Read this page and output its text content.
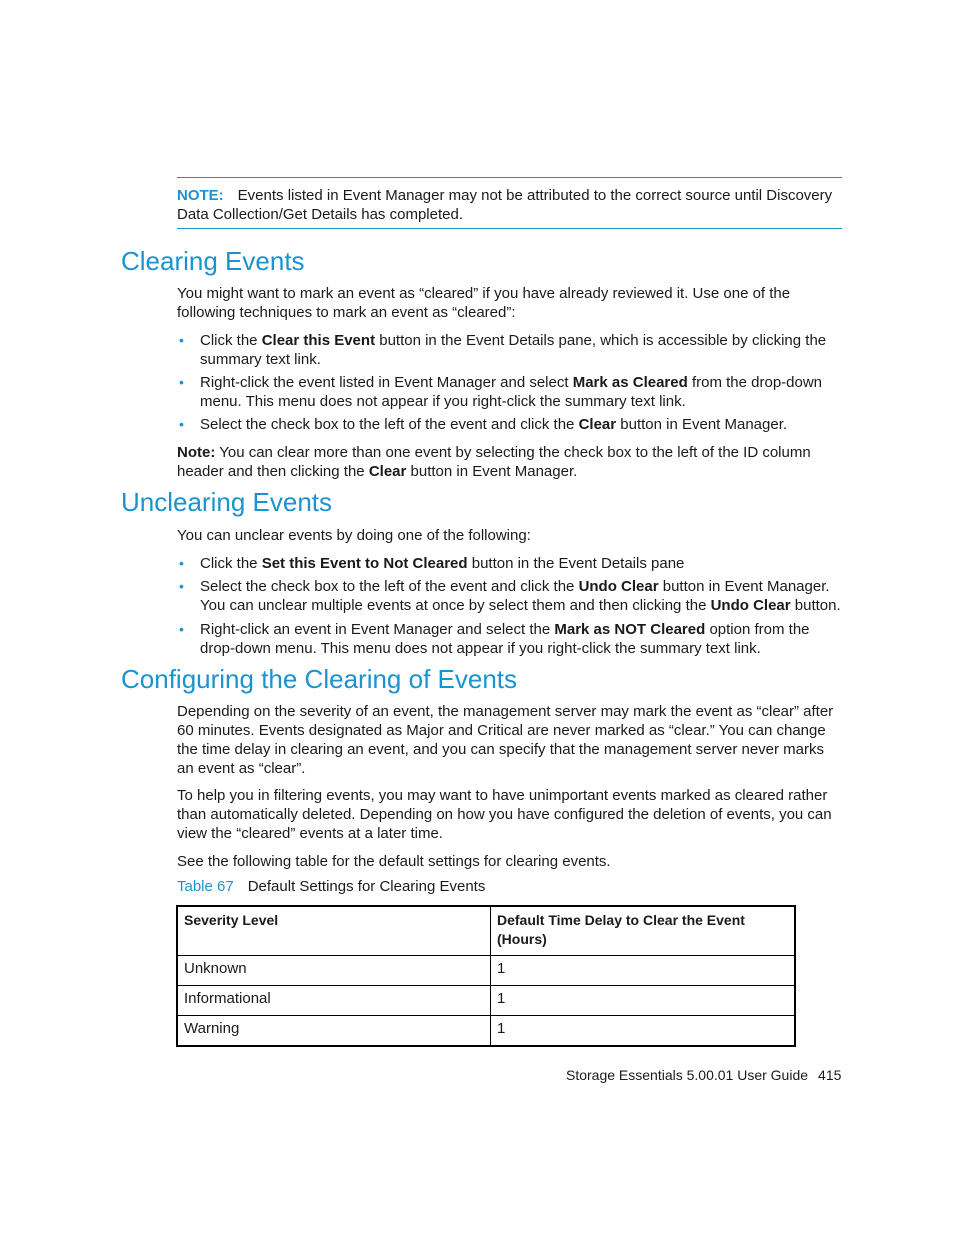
NOTE: Events listed in Event Manager may not be attributed to the correct source until Discovery Data Collection/Get Details has completed.
Clearing Events

You might want to mark an event as “cleared” if you have already reviewed it. Use one of the following techniques to mark an event as “cleared”:

• Click the Clear this Event button in the Event Details pane, which is accessible by clicking the summary text link.
• Right-click the event listed in Event Manager and select Mark as Cleared from the drop-down menu. This menu does not appear if you right-click the summary text link.
• Select the check box to the left of the event and click the Clear button in Event Manager.

Note: You can clear more than one event by selecting the check box to the left of the ID column header and then clicking the Clear button in Event Manager.

Unclearing Events

You can unclear events by doing one of the following:

• Click the Set this Event to Not Cleared button in the Event Details pane
• Select the check box to the left of the event and click the Undo Clear button in Event Manager. You can unclear multiple events at once by select them and then clicking the Undo Clear button.
• Right-click an event in Event Manager and select the Mark as NOT Cleared option from the drop-down menu. This menu does not appear if you right-click the summary text link.
Configuring the Clearing of Events

Depending on the severity of an event, the management server may mark the event as “clear” after 60 minutes. Events designated as Major and Critical are never marked as “clear.” You can change the time delay in clearing an event, and you can specify that the management server never marks an event as “clear”.

To help you in filtering events, you may want to have unimportant events marked as cleared rather than automatically deleted. Depending on how you have configured the deletion of events, you can view the “cleared” events at a later time.

See the following table for the default settings for clearing events.

Table 67 Default Settings for Clearing Events
Severity Level	Default Time Delay to Clear the Event (Hours)
Unknown	1
Informational	1
Warning	1
Storage Essentials 5.00.01 User Guide 415
